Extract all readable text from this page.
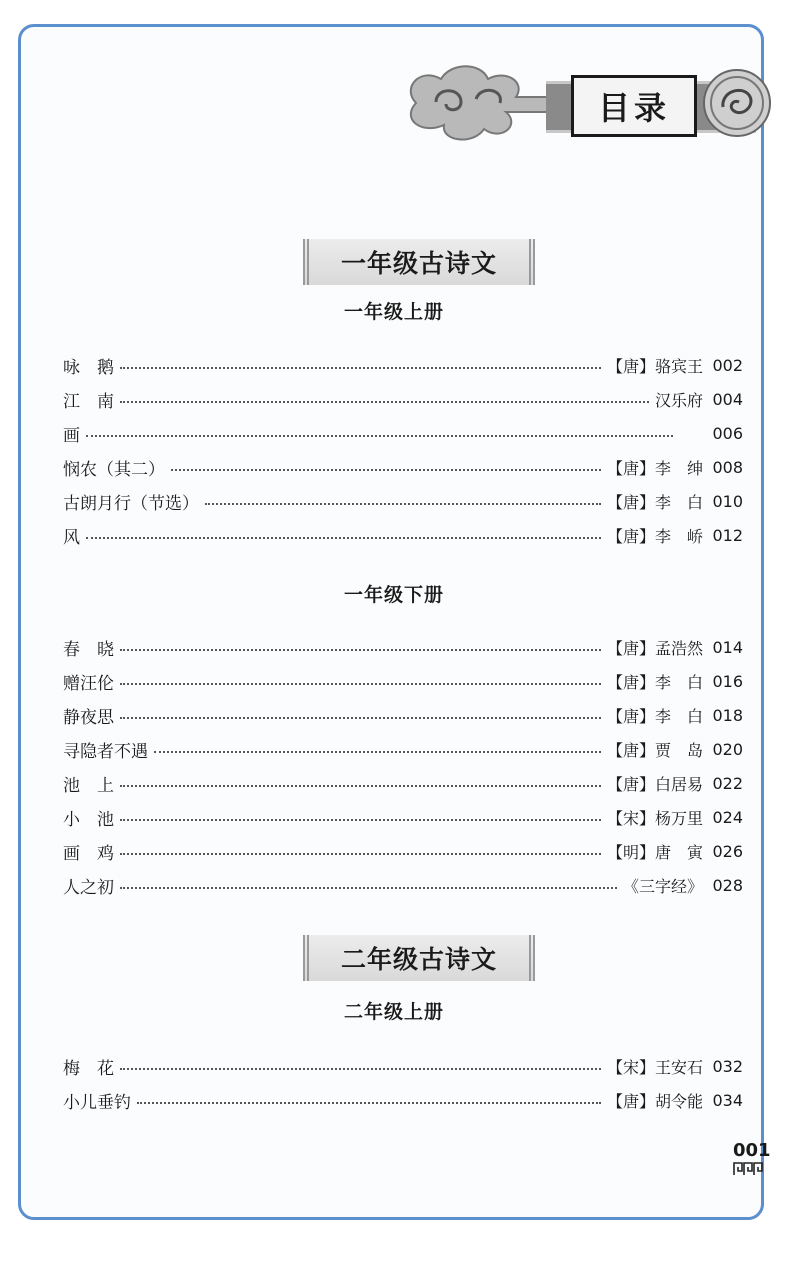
目录
一年级古诗文
一年级上册
咏　鹅	【唐】骆宾王 002
江　南	汉乐府 004
画	006
悯农（其二）	【唐】李　绅 008
古朗月行（节选）	【唐】李　白 010
风	【唐】李　峤 012
一年级下册
春　晓	【唐】孟浩然 014
赠汪伦	【唐】李　白 016
静夜思	【唐】李　白 018
寻隐者不遇	【唐】贾　岛 020
池　上	【唐】白居易 022
小　池	【宋】杨万里 024
画　鸡	【明】唐　寅 026
人之初	《三字经》 028
二年级古诗文
二年级上册
梅　花	【宋】王安石 032
小儿垂钓	【唐】胡令能 034
001
